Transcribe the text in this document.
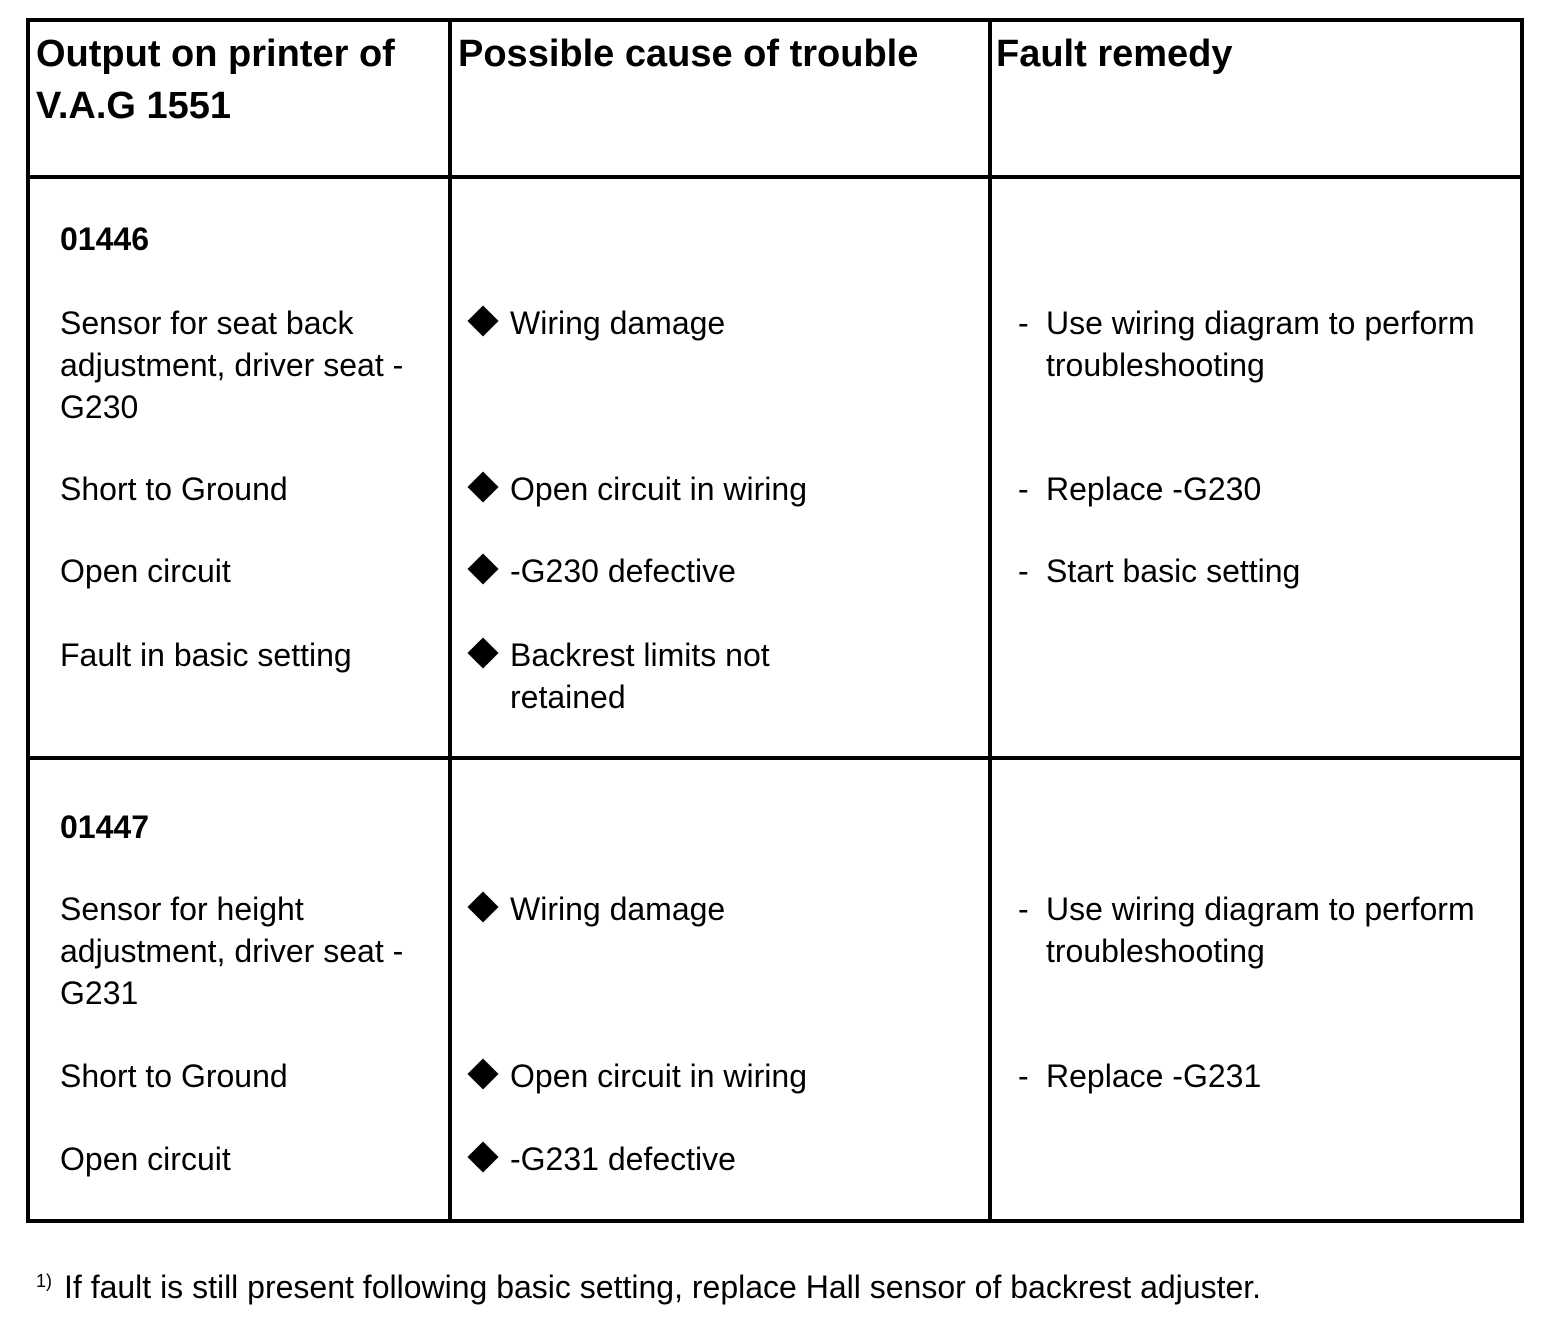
Output on printer of
V.A.G 1551
Possible cause of trouble Fault remedy
01446
Sensor for seat back
adjustment, driver seat -
G230
Short to Ground
Open circuit
Fault in basic setting
Wiring damage
Open circuit in wiring
-G230 defective
Backrest limits not
retained
- Use wiring diagram to perform
troubleshooting
- Replace -G230
- Start basic setting
01447
Sensor for height
adjustment, driver seat -
G231
Short to Ground
Open circuit
Wiring damage
Open circuit in wiring
-G231 defective
- Use wiring diagram to perform
troubleshooting
- Replace -G231
$^{1)}$ If fault is still present following basic setting, replace Hall sensor of backrest adjuster.
